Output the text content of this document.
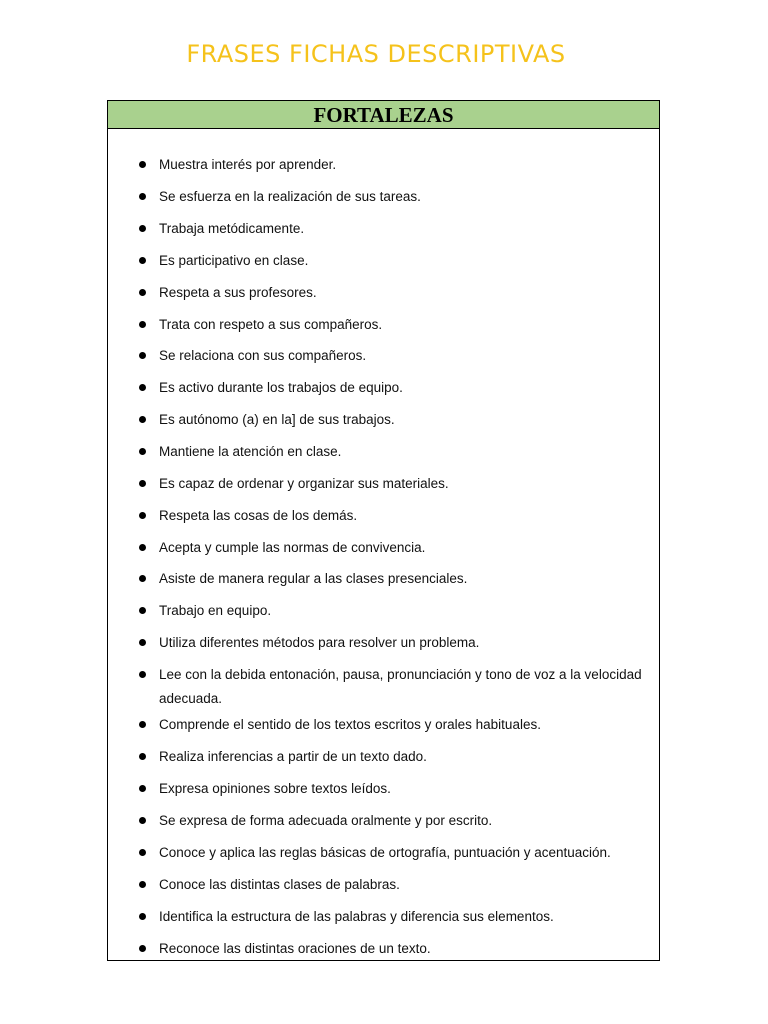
FRASES FICHAS DESCRIPTIVAS
FORTALEZAS
Muestra interés por aprender.
Se esfuerza en la realización de sus tareas.
Trabaja metódicamente.
Es participativo en clase.
Respeta a sus profesores.
Trata con respeto a sus compañeros.
Se relaciona con sus compañeros.
Es activo durante los trabajos de equipo.
Es autónomo (a) en la] de sus trabajos.
Mantiene la atención en clase.
Es capaz de ordenar y organizar sus materiales.
Respeta las cosas de los demás.
Acepta y cumple las normas de convivencia.
Asiste de manera regular a las clases presenciales.
Trabajo en equipo.
Utiliza diferentes métodos para resolver un problema.
Lee con la debida entonación, pausa, pronunciación y tono de voz a la velocidad adecuada.
Comprende el sentido de los textos escritos y orales habituales.
Realiza inferencias a partir de un texto dado.
Expresa opiniones sobre textos leídos.
Se expresa de forma adecuada oralmente y por escrito.
Conoce y aplica las reglas básicas de ortografía, puntuación y acentuación.
Conoce las distintas clases de palabras.
Identifica la estructura de las palabras y diferencia sus elementos.
Reconoce las distintas oraciones de un texto.
